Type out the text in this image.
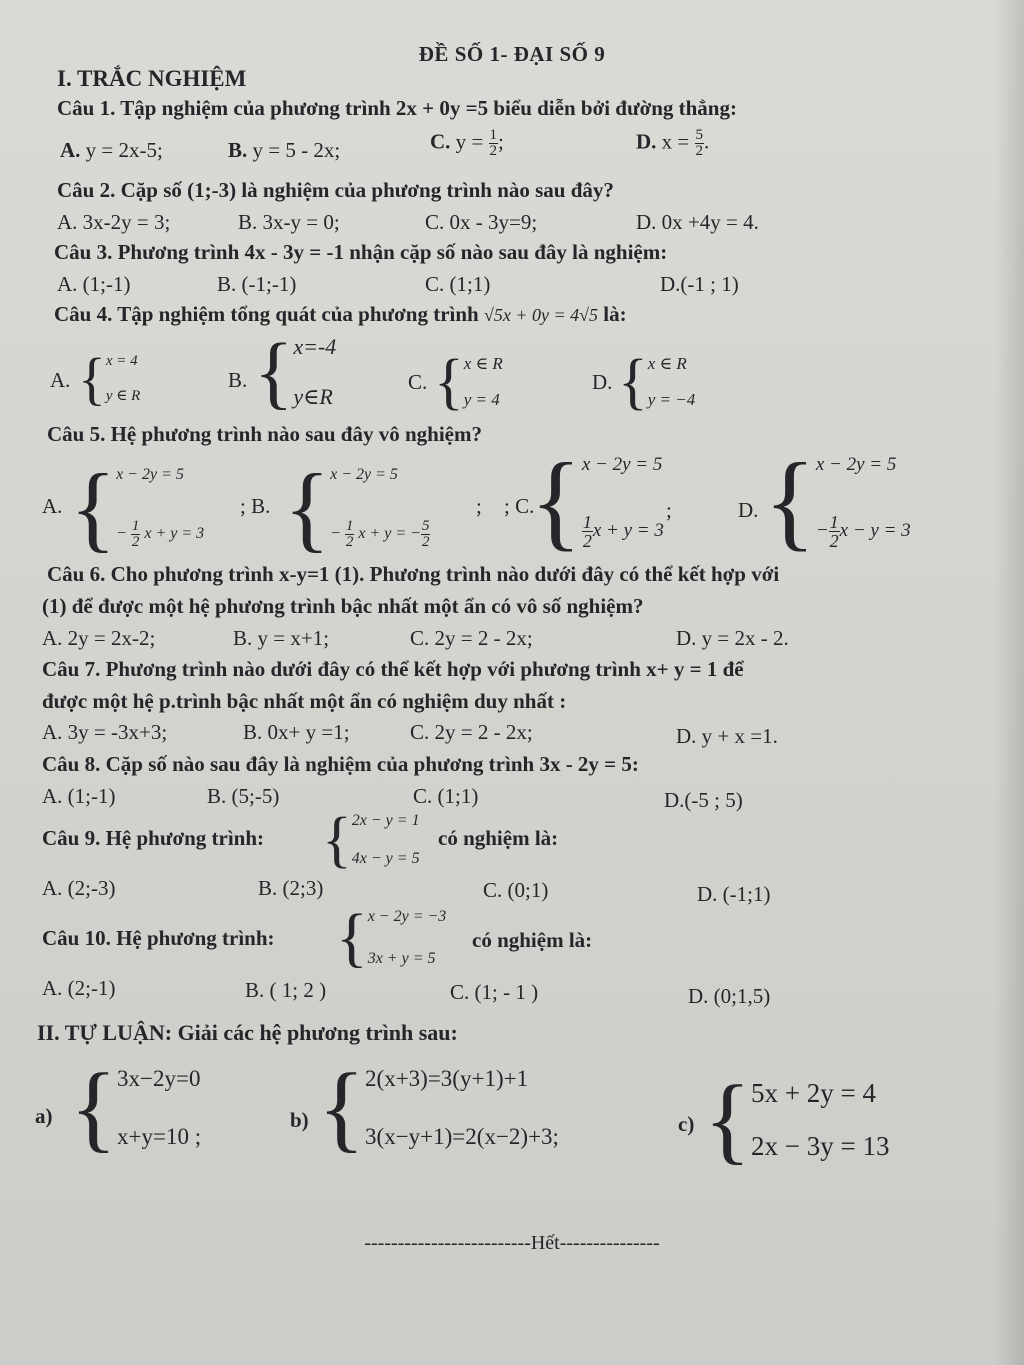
ĐỀ SỐ 1- ĐẠI SỐ 9
I. TRẮC NGHIỆM
Câu 1. Tập nghiệm của phương trình 2x + 0y =5 biểu diễn bởi đường thẳng:
A. y = 2x-5;	B. y = 5 - 2x;	C. $y = \frac{1}{2}$ ;	D. $x = \frac{5}{2}$ .
Câu 2. Cặp số (1;-3) là nghiệm của phương trình nào sau đây?
A. 3x-2y = 3;	B. 3x-y = 0;	C. 0x - 3y=9;	D. 0x +4y = 4.
Câu 3. Phương trình 4x - 3y = -1 nhận cặp số nào sau đây là nghiệm:
A. (1;-1)	B. (-1;-1)	C. (1;1)	D.(-1 ; 1)
Câu 4. Tập nghiệm tổng quát của phương trình √5x + 0y = 4√5 là:
A. { x = 4
y ∈ R
B. { x=-4
y∈R
C. { x ∈ R
y = 4
D. { x ∈ R
y = −4
Câu 5. Hệ phương trình nào sau đây vô nghiệm?
A. { x − 2y = 5
− $\frac{1}{2}$ x + y = 3
; B. { x − 2y = 5
− $\frac{1}{2}$ x + y = − $\frac{5}{2}$
; ; C.
{ x − 2y = 5
$\frac{1}{2}$ x + y = 3
;	D. { x − 2y = 5
− $\frac{1}{2}$ x − y = 3
Câu 6. Cho phương trình x-y=1 (1). Phương trình nào dưới đây có thể kết hợp với
(1) để được một hệ phương trình bậc nhất một ẩn có vô số nghiệm?
A. 2y = 2x-2;	B. y = x+1;	C. 2y = 2 - 2x;	D. y = 2x - 2.
Câu 7. Phương trình nào dưới đây có thể kết hợp với phương trình x+ y = 1 để
được một hệ p.trình bậc nhất một ẩn có nghiệm duy nhất :
A. 3y = -3x+3;	B. 0x+ y =1;	C. 2y = 2 - 2x;	D. y + x =1.
Câu 8. Cặp số nào sau đây là nghiệm của phương trình 3x - 2y = 5:
A. (1;-1)	B. (5;-5)	C. (1;1)	D.(-5 ; 5)
Câu 9. Hệ phương trình: { 2x − y = 1
4x − y = 5
có nghiệm là:
A. (2;-3)	B. (2;3)	C. (0;1)	D. (-1;1)
Câu 10. Hệ phương trình: { x − 2y = −3
3x + y = 5
có nghiệm là:
A. (2;-1)	B. ( 1; 2 )	C. (1; - 1 )	D. (0;1,5)
II. TỰ LUẬN: Giải các hệ phương trình sau:
a) { 3x−2y=0
x+y=10 ;
b) { 2(x+3)=3(y+1)+1
3(x−y+1)=2(x−2)+3;	c) { 5x + 2y = 4
2x − 3y = 13
-------------------------Hết---------------
